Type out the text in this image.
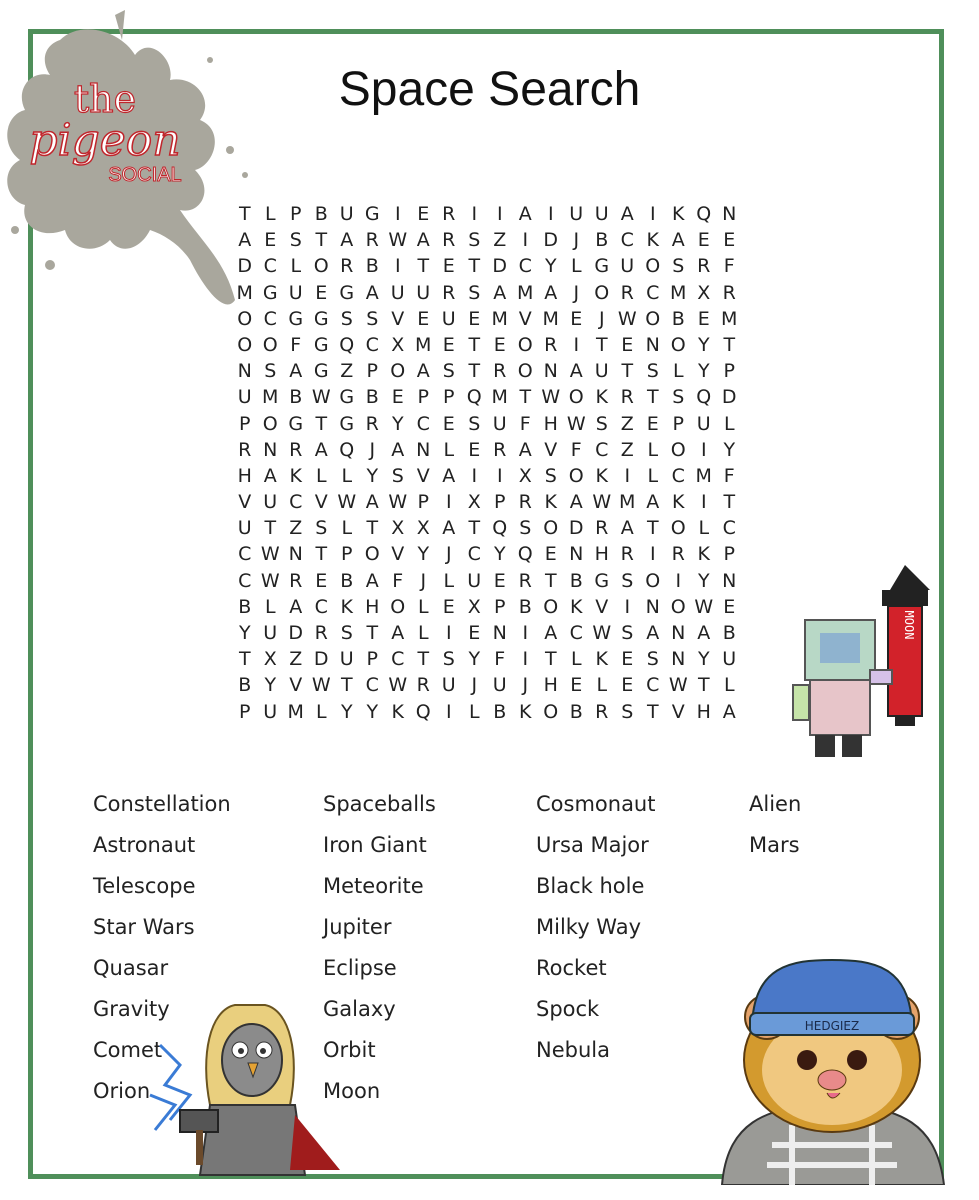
the
pigeon
SOCIAL
Space Search
T L P B U G I E R I	I A I U U A I K Q N
A E S T A R W A R S Z I D J B C K A E E
D C L O R B I T E T D C Y L G U O S R F
M G U E G A U U R S A M A J O R C M X R
O C G G S S V E U E M V M E J W O B E M
O O F G Q C X M E T E O R I T E N O Y T
N S A G Z P O A S T R O N A U T S L Y P
U M B W G B E P P Q M T W O K R T S Q D
P O G T G R Y C E S U F H W S Z E P U L
R N R A Q J A N L E R A V F C Z L O I Y
H A K L L Y S V A I	I X S O K I L C M F
V U C V W A W P I X P R K A W M A K I T
U T Z S L T X X A T Q S O D R A T O L C
C W N T P O V Y J C Y Q E N H R I R K P
C W R E B A F J L U E R T B G S O I Y N
B L A C K H O L E X P B O K V I N O W E
Y U D R S T A L I E N I A C W S A N A B
T X Z D U P C T S Y F I T L K E S N Y U
B Y V W T C W R U J U J H E L E C W T L
P U M L Y Y K Q I L B K O B R S T V H A
Constellation
Astronaut
Telescope
Star Wars
Quasar
Gravity
Comet
Orion
Spaceballs
Iron Giant
Meteorite
Jupiter
Eclipse
Galaxy
Orbit
Moon
Cosmonaut
Ursa Major
Black hole
Milky Way
Rocket
Spock
Nebula
Alien
Mars
MOON
HEDGIEZ
